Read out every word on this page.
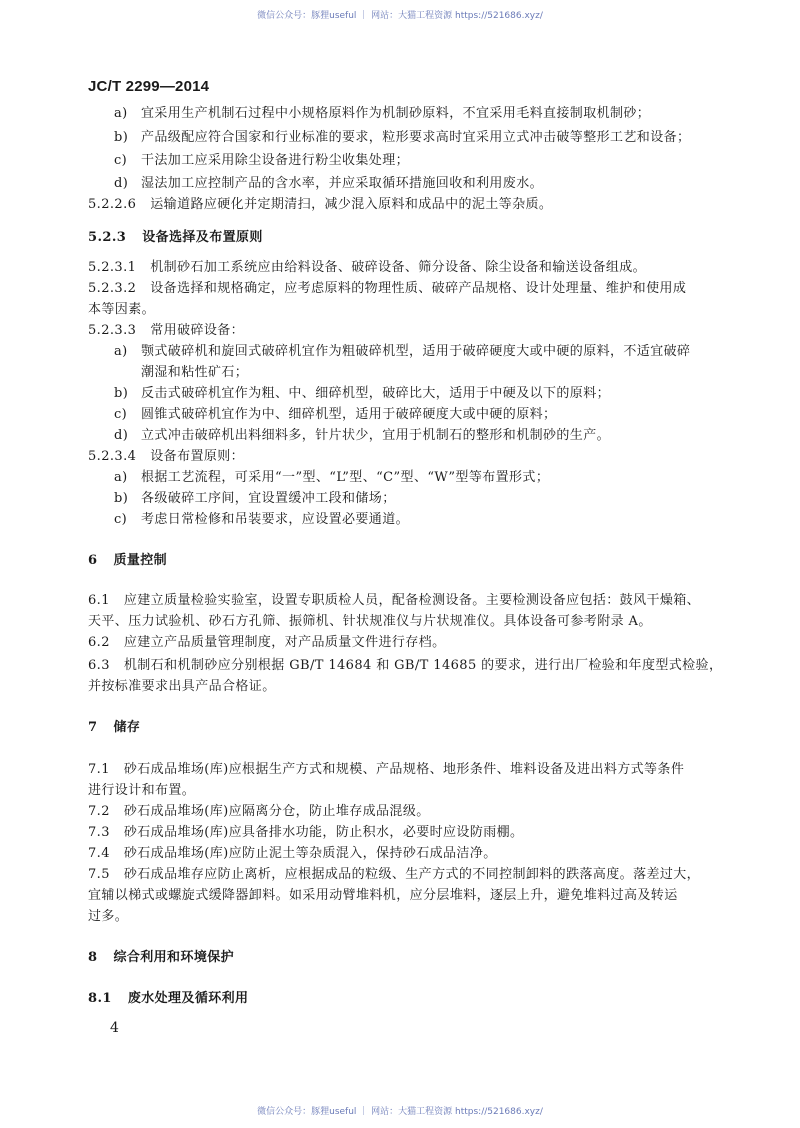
微信公众号：豚狸useful ｜ 网站：大猫工程资源 https://521686.xyz/
JC/T 2299—2014
a) 宜采用生产机制石过程中小规格原料作为机制砂原料，不宜采用毛料直接制取机制砂；
b) 产品级配应符合国家和行业标准的要求，粒形要求高时宜采用立式冲击破等整形工艺和设备；
c) 干法加工应采用除尘设备进行粉尘收集处理；
d) 湿法加工应控制产品的含水率，并应采取循环措施回收和利用废水。
5.2.2.6 运输道路应硬化并定期清扫，减少混入原料和成品中的泥土等杂质。
5.2.3 设备选择及布置原则
5.2.3.1 机制砂石加工系统应由给料设备、破碎设备、筛分设备、除尘设备和输送设备组成。
5.2.3.2 设备选择和规格确定，应考虑原料的物理性质、破碎产品规格、设计处理量、维护和使用成
本等因素。
5.2.3.3 常用破碎设备：
a) 颚式破碎机和旋回式破碎机宜作为粗破碎机型，适用于破碎硬度大或中硬的原料，不适宜破碎
潮湿和粘性矿石；
b) 反击式破碎机宜作为粗、中、细碎机型，破碎比大，适用于中硬及以下的原料；
c) 圆锥式破碎机宜作为中、细碎机型，适用于破碎硬度大或中硬的原料；
d) 立式冲击破碎机出料细料多，针片状少，宜用于机制石的整形和机制砂的生产。
5.2.3.4 设备布置原则：
a) 根据工艺流程，可采用“一”型、“L”型、“C”型、“W”型等布置形式；
b) 各级破碎工序间，宜设置缓冲工段和储场；
c) 考虑日常检修和吊装要求，应设置必要通道。
6 质量控制
6.1 应建立质量检验实验室，设置专职质检人员，配备检测设备。主要检测设备应包括：鼓风干燥箱、
天平、压力试验机、砂石方孔筛、振筛机、针状规准仪与片状规准仪。具体设备可参考附录 A。
6.2 应建立产品质量管理制度，对产品质量文件进行存档。
6.3 机制石和机制砂应分别根据 GB/T 14684 和 GB/T 14685 的要求，进行出厂检验和年度型式检验，
并按标准要求出具产品合格证。
7 储存
7.1 砂石成品堆场(库)应根据生产方式和规模、产品规格、地形条件、堆料设备及进出料方式等条件
进行设计和布置。
7.2 砂石成品堆场(库)应隔离分仓，防止堆存成品混级。
7.3 砂石成品堆场(库)应具备排水功能，防止积水，必要时应设防雨棚。
7.4 砂石成品堆场(库)应防止泥土等杂质混入，保持砂石成品洁净。
7.5 砂石成品堆存应防止离析，应根据成品的粒级、生产方式的不同控制卸料的跌落高度。落差过大，
宜辅以梯式或螺旋式缓降器卸料。如采用动臂堆料机，应分层堆料，逐层上升，避免堆料过高及转运
过多。
8 综合利用和环境保护
8.1 废水处理及循环利用
4
微信公众号：豚狸useful ｜ 网站：大猫工程资源 https://521686.xyz/
